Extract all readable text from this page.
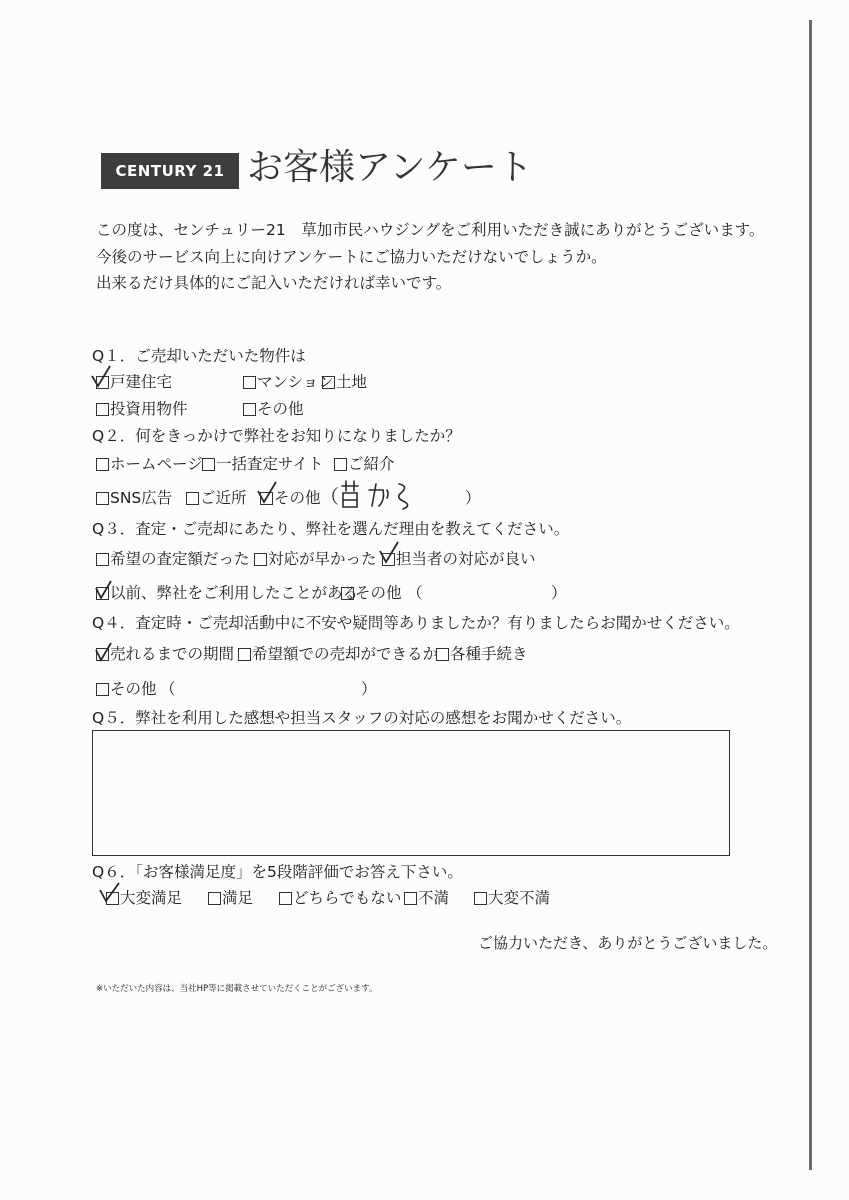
CENTURY 21 お客様アンケート
この度は、センチュリー21　草加市民ハウジングをご利用いただき誠にありがとうございます。
今後のサービス向上に向けアンケートにご協力いただけないでしょうか。
出来るだけ具体的にご記入いただければ幸いです。
Q１．ご売却いただいた物件は
戸建住宅	マンション 土地
投資用物件	その他
Q２．何をきっかけで弊社をお知りになりましたか？
ホームページ 一括査定サイト ご紹介
SNS広告 ご近所 その他 （	）
Q３．査定・ご売却にあたり、弊社を選んだ理由を教えてください。
希望の査定額だった 対応が早かった 担当者の対応が良い
以前、弊社をご利用したことがある
その他 （	）
Q４．査定時・ご売却活動中に不安や疑問等ありましたか？有りましたらお聞かせください。
売れるまでの期間 希望額での売却ができるか 各種手続き
その他 （	）
Q５．弊社を利用した感想や担当スタッフの対応の感想をお聞かせください。
Q６．「お客様満足度」を5段階評価でお答え下さい。
大変満足	満足	どちらでもない 不満	大変不満
ご協力いただき、ありがとうございました。
※いただいた内容は、当社HP等に掲載させていただくことがございます。
